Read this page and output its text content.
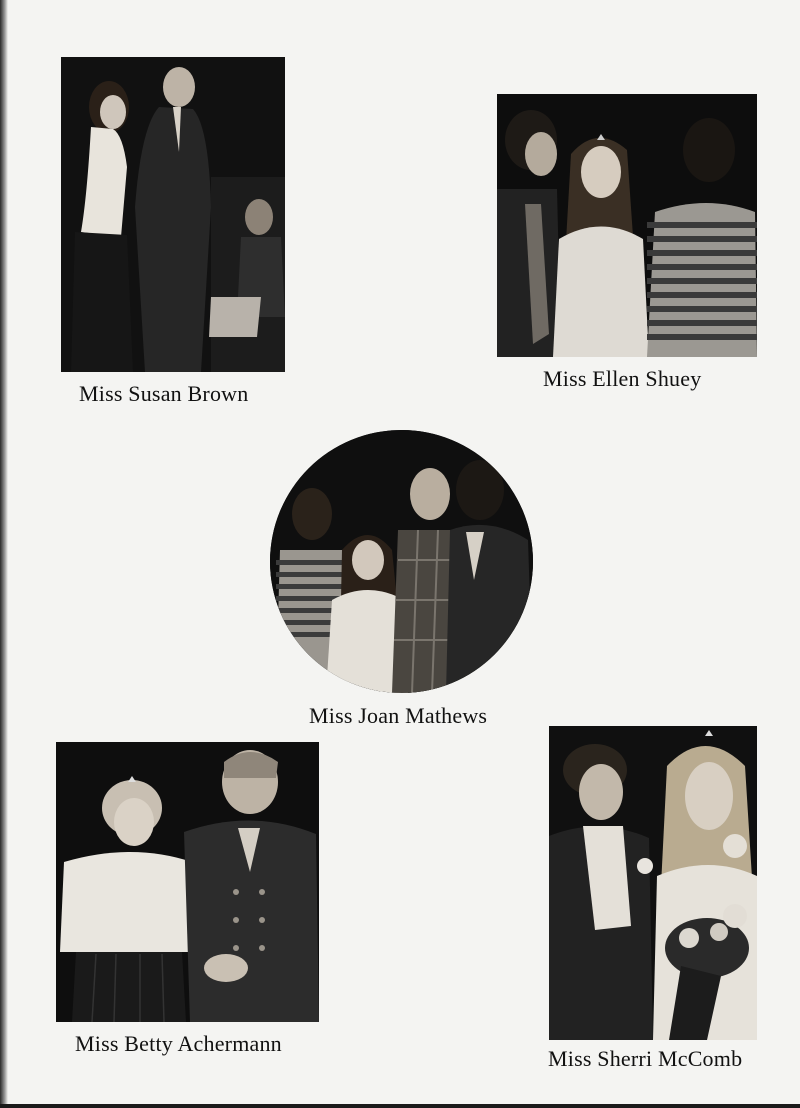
Miss Susan Brown

Miss Ellen Shuey

Miss Joan Mathews

Miss Betty Achermann

Miss Sherri McComb
